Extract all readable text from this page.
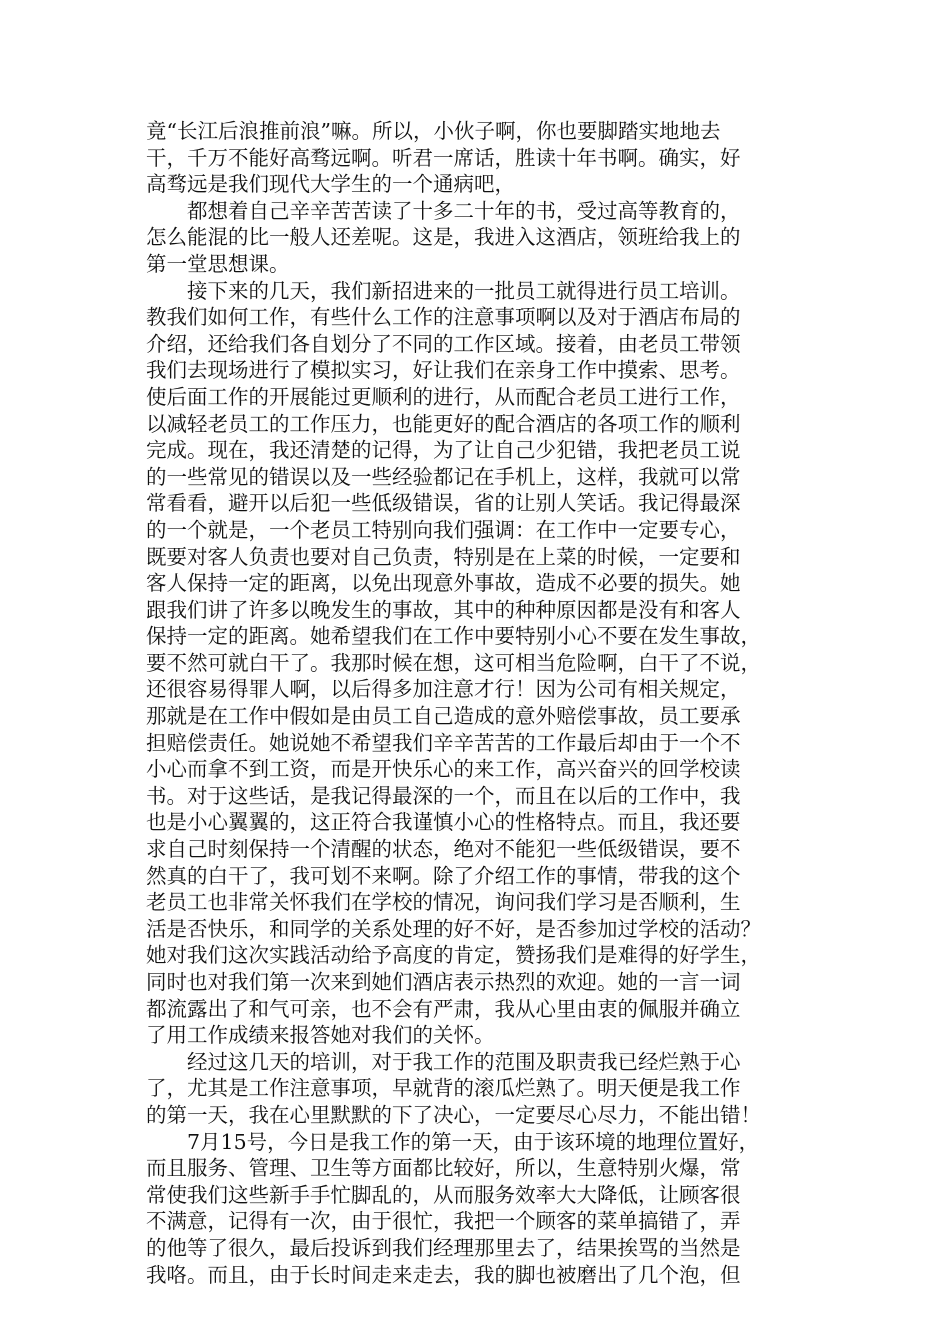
竟“长江后浪推前浪”嘛。所以，小伙子啊，你也要脚踏实地地去
干，千万不能好高骛远啊。听君一席话，胜读十年书啊。确实，好
高骛远是我们现代大学生的一个通病吧，
都想着自己辛辛苦苦读了十多二十年的书，受过高等教育的，
怎么能混的比一般人还差呢。这是，我进入这酒店，领班给我上的
第一堂思想课。
接下来的几天，我们新招进来的一批员工就得进行员工培训。
教我们如何工作，有些什么工作的注意事项啊以及对于酒店布局的
介绍，还给我们各自划分了不同的工作区域。接着，由老员工带领
我们去现场进行了模拟实习，好让我们在亲身工作中摸索、思考。
使后面工作的开展能过更顺利的进行，从而配合老员工进行工作，
以减轻老员工的工作压力，也能更好的配合酒店的各项工作的顺利
完成。现在，我还清楚的记得，为了让自己少犯错，我把老员工说
的一些常见的错误以及一些经验都记在手机上，这样，我就可以常
常看看，避开以后犯一些低级错误，省的让别人笑话。我记得最深
的一个就是，一个老员工特别向我们强调：在工作中一定要专心，
既要对客人负责也要对自己负责，特别是在上菜的时候，一定要和
客人保持一定的距离，以免出现意外事故，造成不必要的损失。她
跟我们讲了许多以晚发生的事故，其中的种种原因都是没有和客人
保持一定的距离。她希望我们在工作中要特别小心不要在发生事故，
要不然可就白干了。我那时候在想，这可相当危险啊，白干了不说，
还很容易得罪人啊，以后得多加注意才行！因为公司有相关规定，
那就是在工作中假如是由员工自己造成的意外赔偿事故，员工要承
担赔偿责任。她说她不希望我们辛辛苦苦的工作最后却由于一个不
小心而拿不到工资，而是开快乐心的来工作，高兴奋兴的回学校读
书。对于这些话，是我记得最深的一个，而且在以后的工作中，我
也是小心翼翼的，这正符合我谨慎小心的性格特点。而且，我还要
求自己时刻保持一个清醒的状态，绝对不能犯一些低级错误，要不
然真的白干了，我可划不来啊。除了介绍工作的事情，带我的这个
老员工也非常关怀我们在学校的情况，询问我们学习是否顺利，生
活是否快乐，和同学的关系处理的好不好，是否参加过学校的活动？
她对我们这次实践活动给予高度的肯定，赞扬我们是难得的好学生，
同时也对我们第一次来到她们酒店表示热烈的欢迎。她的一言一词
都流露出了和气可亲，也不会有严肃，我从心里由衷的佩服并确立
了用工作成绩来报答她对我们的关怀。
经过这几天的培训，对于我工作的范围及职责我已经烂熟于心
了，尤其是工作注意事项，早就背的滚瓜烂熟了。明天便是我工作
的第一天，我在心里默默的下了决心，一定要尽心尽力，不能出错！
7月15号，今日是我工作的第一天，由于该环境的地理位置好，
而且服务、管理、卫生等方面都比较好，所以，生意特别火爆，常
常使我们这些新手手忙脚乱的，从而服务效率大大降低，让顾客很
不满意，记得有一次，由于很忙，我把一个顾客的菜单搞错了，弄
的他等了很久，最后投诉到我们经理那里去了，结果挨骂的当然是
我咯。而且，由于长时间走来走去，我的脚也被磨出了几个泡，但
